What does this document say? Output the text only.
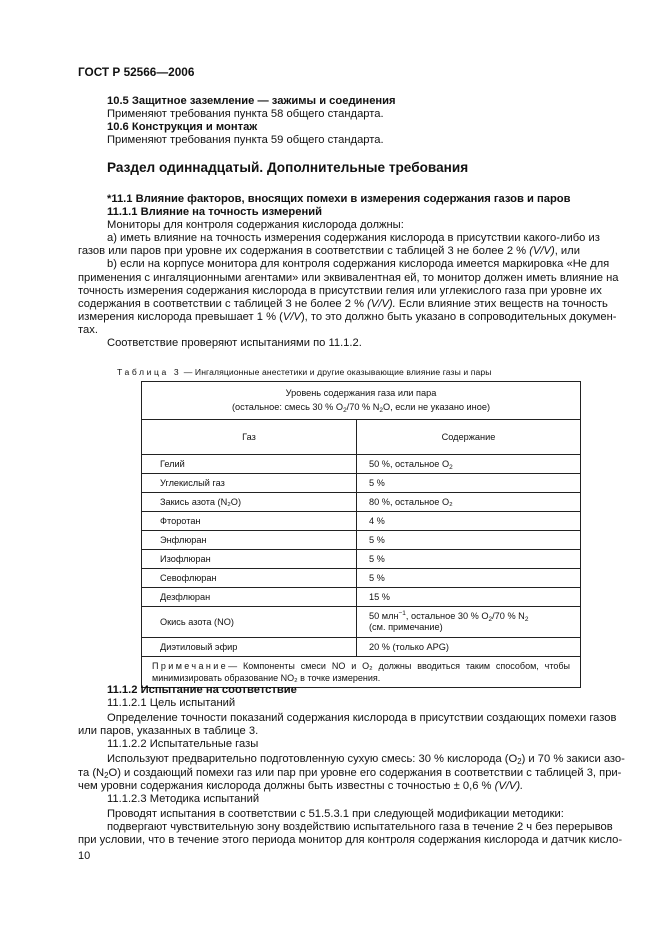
ГОСТ Р 52566—2006
10.5 Защитное заземление — зажимы и соединения
Применяют требования пункта 58 общего стандарта.
10.6 Конструкция и монтаж
Применяют требования пункта 59 общего стандарта.
Раздел одиннадцатый. Дополнительные требования
*11.1 Влияние факторов, вносящих помехи в измерения содержания газов и паров
11.1.1 Влияние на точность измерений
Мониторы для контроля содержания кислорода должны:
а) иметь влияние на точность измерения содержания кислорода в присутствии какого-либо из
газов или паров при уровне их содержания в соответствии с таблицей 3 не более 2 % (V/V), или
b) если на корпусе монитора для контроля содержания кислорода имеется маркировка «Не для
применения с ингаляционными агентами» или эквивалентная ей, то монитор должен иметь влияние на
точность измерения содержания кислорода в присутствии гелия или углекислого газа при уровне их
содержания в соответствии с таблицей 3 не более 2 % (V/V). Если влияние этих веществ на точность
измерения кислорода превышает 1 % (V/V), то это должно быть указано в сопроводительных докумен-
тах.
Соответствие проверяют испытаниями по 11.1.2.
Таблица 3 — Ингаляционные анестетики и другие оказывающие влияние газы и пары
Уровень содержания газа или пара
(остальное: смесь 30 % $O_2/70$ % $N_2O$, если не указано иное)	

Газ	Содержание
Гелий	50 %, остальное $O_2$
Углекислый газ	5 %
Закись азота (N₂O)	80 %, остальное O₂
Фторотан	4 %
Энфлюран	5 %
Изофлюран	5 %
Севофлюран	5 %
Дезфлюран	15 %
Окись азота (NO)	50 млн$^{-1}$, остальное 30 % $O_2/70$ % $N_2$
(см. примечание)

Диэтиловый эфир	20 % (только APG)
Примечание— Компоненты смеси NO и O₂ должны вводиться таким способом, чтобы минимизировать образование NO₂ в точке измерения.	
11.1.2 Испытание на соответствие
11.1.2.1 Цель испытаний
Определение точности показаний содержания кислорода в присутствии создающих помехи газов
или паров, указанных в таблице 3.
11.1.2.2 Испытательные газы
Используют предварительно подготовленную сухую смесь: 30 % кислорода $(O_2)$ и 70 % закиси азо-
та $(N_2O)$ и создающий помехи газ или пар при уровне его содержания в соответствии с таблицей 3, при-
чем уровни содержания кислорода должны быть известны с точностью ± 0,6 % (V/V).
11.1.2.3 Методика испытаний
Проводят испытания в соответствии с 51.5.3.1 при следующей модификации методики:
подвергают чувствительную зону воздействию испытательного газа в течение 2 ч без перерывов
при условии, что в течение этого периода монитор для контроля содержания кислорода и датчик кисло-
10
